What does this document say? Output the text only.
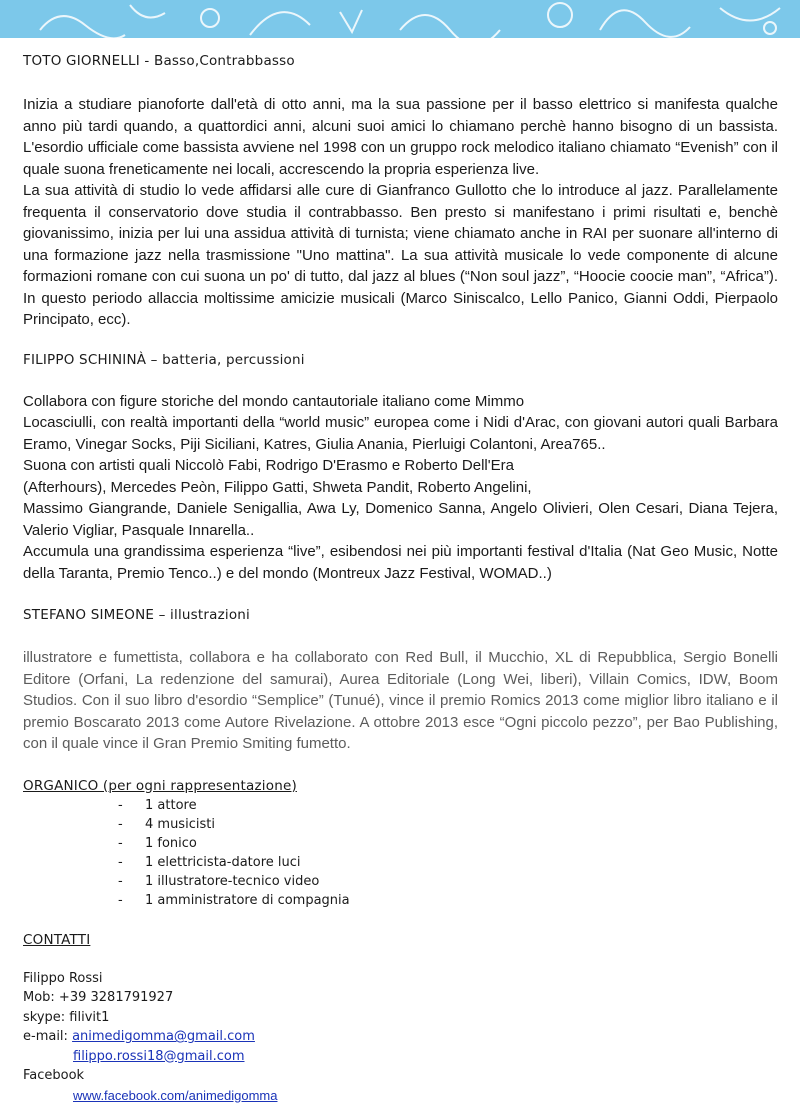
TOTO GIORNELLI - Basso,Contrabbasso

Inizia a studiare pianoforte dall'età di otto anni, ma la sua passione per il basso elettrico si manifesta qualche anno più tardi quando, a quattordici anni, alcuni suoi amici lo chiamano perchè hanno bisogno di un bassista. L'esordio ufficiale come bassista avviene nel 1998 con un gruppo rock melodico italiano chiamato “Evenish” con il quale suona freneticamente nei locali, accrescendo la propria esperienza live.

La sua attività di studio lo vede affidarsi alle cure di Gianfranco Gullotto che lo introduce al jazz. Parallelamente frequenta il conservatorio dove studia il contrabbasso. Ben presto si manifestano i primi risultati e, benchè giovanissimo, inizia per lui una assidua attività di turnista; viene chiamato anche in RAI per suonare all'interno di una formazione jazz nella trasmissione "Uno mattina". La sua attività musicale lo vede componente di alcune formazioni romane con cui suona un po' di tutto, dal jazz al blues (“Non soul jazz”, “Hoocie coocie man”, “Africa”). In questo periodo allaccia moltissime amicizie musicali (Marco Siniscalco, Lello Panico, Gianni Oddi, Pierpaolo Principato, ecc).

FILIPPO SCHININÀ – batteria, percussioni

Collabora con figure storiche del mondo cantautoriale italiano come Mimmo

Locasciulli, con realtà importanti della “world music” europea come i Nidi d'Arac, con giovani autori quali Barbara Eramo, Vinegar Socks, Piji Siciliani, Katres, Giulia Anania, Pierluigi Colantoni, Area765..

Suona con artisti quali Niccolò Fabi, Rodrigo D'Erasmo e Roberto Dell'Era

(Afterhours), Mercedes Peòn, Filippo Gatti, Shweta Pandit, Roberto Angelini,

Massimo Giangrande, Daniele Senigallia, Awa Ly, Domenico Sanna, Angelo Olivieri, Olen Cesari, Diana Tejera, Valerio Vigliar, Pasquale Innarella..

Accumula una grandissima esperienza “live”, esibendosi nei più importanti festival d'Italia (Nat Geo Music, Notte della Taranta, Premio Tenco..) e del mondo (Montreux Jazz Festival, WOMAD..)

STEFANO SIMEONE – illustrazioni

illustratore e fumettista, collabora e ha collaborato con Red Bull, il Mucchio, XL di Repubblica, Sergio Bonelli Editore (Orfani, La redenzione del samurai), Aurea Editoriale (Long Wei, liberi), Villain Comics, IDW, Boom Studios. Con il suo libro d'esordio “Semplice” (Tunué), vince il premio Romics 2013 come miglior libro italiano e il premio Boscarato 2013 come Autore Rivelazione. A ottobre 2013 esce “Ogni piccolo pezzo”, per Bao Publishing, con il quale vince il Gran Premio Smiting fumetto.

ORGANICO (per ogni rappresentazione)

- 1 attore
- 4 musicisti
- 1 fonico
- 1 elettricista-datore luci
- 1 illustratore-tecnico video
- 1 amministratore di compagnia

CONTATTI

Filippo Rossi

Mob: +39 3281791927

skype: filivit1

e-mail: animedigomma@gmail.com

filippo.rossi18@gmail.com

Facebook

www.facebook.com/animedigomma
